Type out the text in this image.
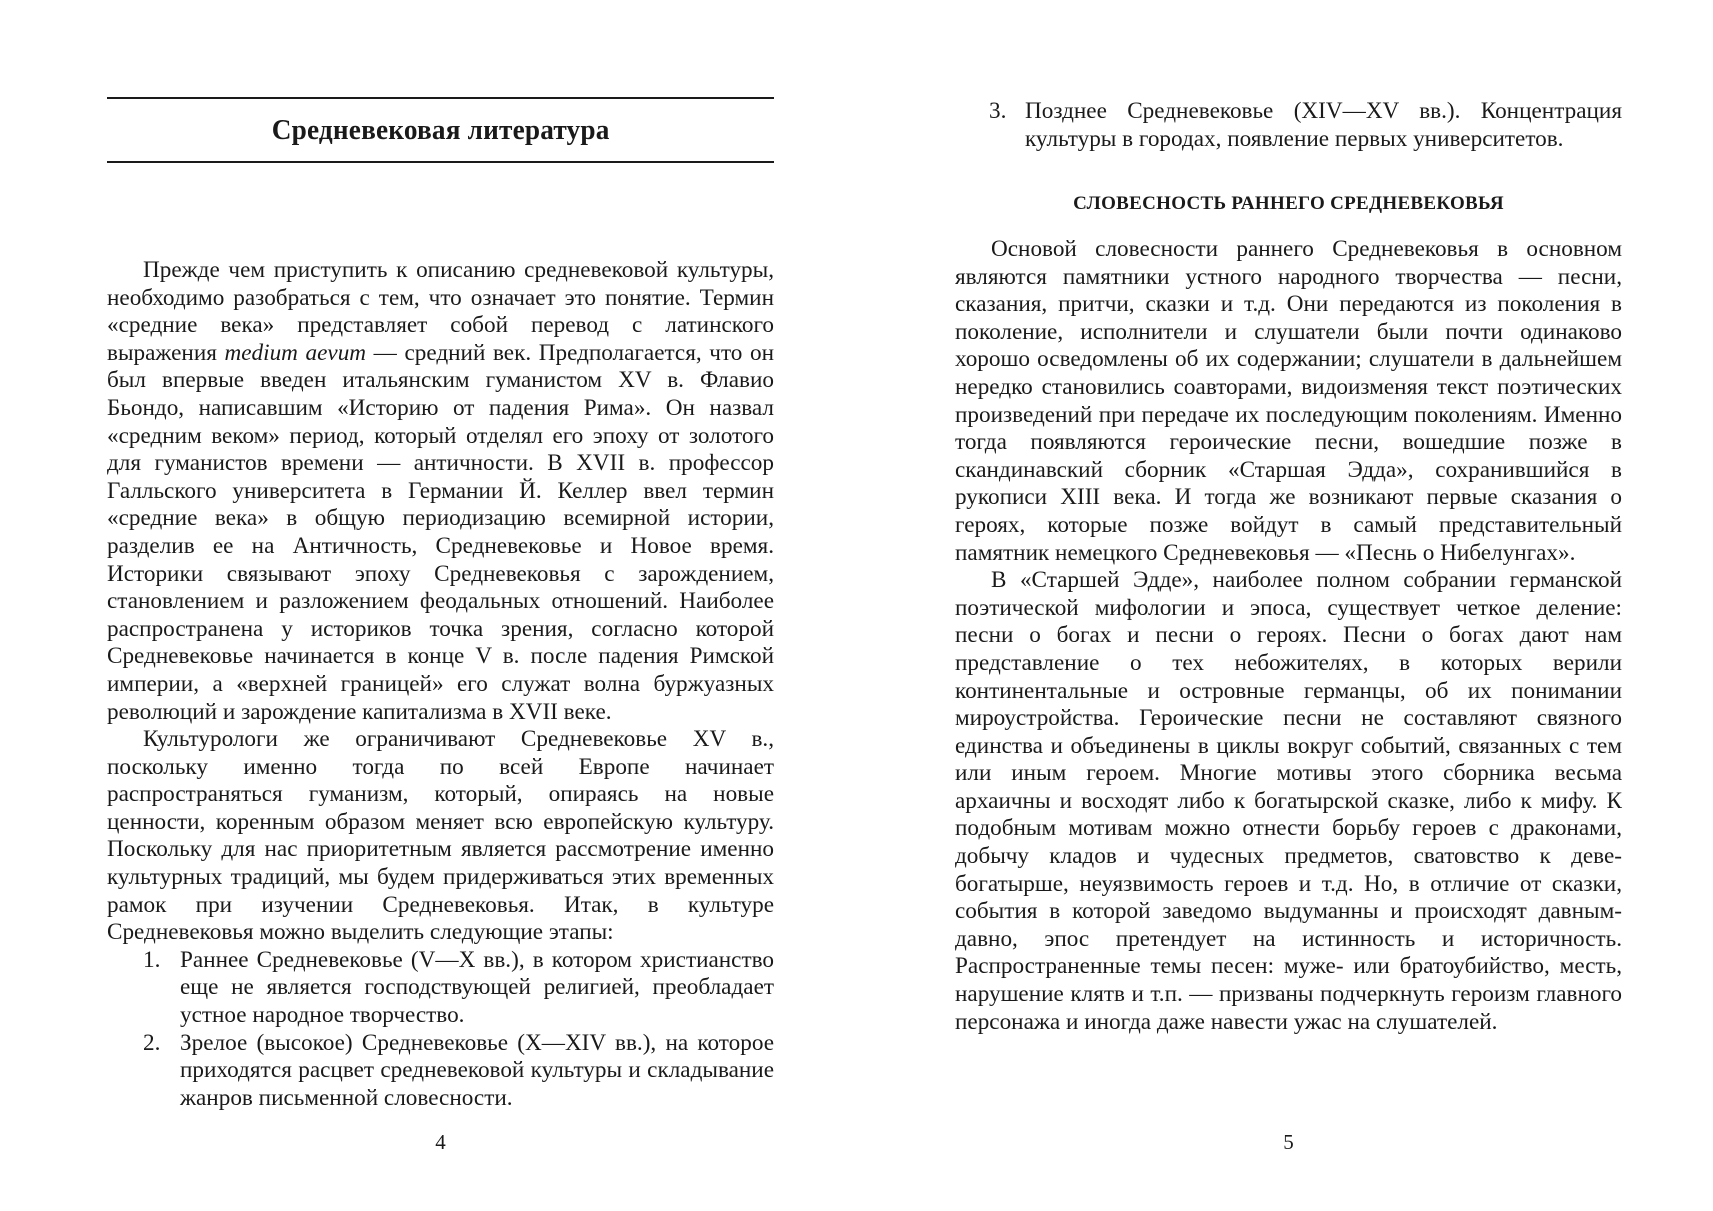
Средневековая литература

Прежде чем приступить к описанию средневековой культуры, необходимо разобраться с тем, что означает это понятие. Термин «средние века» представляет собой перевод с латинского выражения medium aevum — средний век. Предполагается, что он был впервые введен итальянским гуманистом XV в. Флавио Бьондо, написавшим «Историю от падения Рима». Он назвал «средним веком» период, который отделял его эпоху от золотого для гуманистов времени — античности. В XVII в. профессор Галльского университета в Германии Й. Келлер ввел термин «средние века» в общую периодизацию всемирной истории, разделив ее на Античность, Средневековье и Новое время. Историки связывают эпоху Средневековья с зарождением, становлением и разложением феодальных отношений. Наиболее распространена у историков точка зрения, согласно которой Средневековье начинается в конце V в. после падения Римской империи, а «верхней границей» его служат волна буржуазных революций и зарождение капитализма в XVII веке.

Культурологи же ограничивают Средневековье XV в., поскольку именно тогда по всей Европе начинает распространяться гуманизм, который, опираясь на новые ценности, коренным образом меняет всю европейскую культуру. Поскольку для нас приоритетным является рассмотрение именно культурных традиций, мы будем придерживаться этих временных рамок при изучении Средневековья. Итак, в культуре Средневековья можно выделить следующие этапы:

1. Раннее Средневековье (V—X вв.), в котором христианство еще не является господствующей религией, преобладает устное народное творчество.
2. Зрелое (высокое) Средневековье (X—XIV вв.), на которое приходятся расцвет средневековой культуры и складывание жанров письменной словесности.
4
3. Позднее Средневековье (XIV—XV вв.). Концентрация культуры в городах, появление первых университетов.
СЛОВЕСНОСТЬ РАННЕГО СРЕДНЕВЕКОВЬЯ

Основой словесности раннего Средневековья в основном являются памятники устного народного творчества — песни, сказания, притчи, сказки и т.д. Они передаются из поколения в поколение, исполнители и слушатели были почти одинаково хорошо осведомлены об их содержании; слушатели в дальнейшем нередко становились соавторами, видоизменяя текст поэтических произведений при передаче их последующим поколениям. Именно тогда появляются героические песни, вошедшие позже в скандинавский сборник «Старшая Эдда», сохранившийся в рукописи XIII века. И тогда же возникают первые сказания о героях, которые позже войдут в самый представительный памятник немецкого Средневековья — «Песнь о Нибелунгах».

В «Старшей Эдде», наиболее полном собрании германской поэтической мифологии и эпоса, существует четкое деление: песни о богах и песни о героях. Песни о богах дают нам представление о тех небожителях, в которых верили континентальные и островные германцы, об их понимании мироустройства. Героические песни не составляют связного единства и объединены в циклы вокруг событий, связанных с тем или иным героем. Многие мотивы этого сборника весьма архаичны и восходят либо к богатырской сказке, либо к мифу. К подобным мотивам можно отнести борьбу героев с драконами, добычу кладов и чудесных предметов, сватовство к деве-богатырше, неуязвимость героев и т.д. Но, в отличие от сказки, события в которой заведомо выдуманны и происходят давным-давно, эпос претендует на истинность и историчность. Распространенные темы песен: муже- или братоубийство, месть, нарушение клятв и т.п. — призваны подчеркнуть героизм главного персонажа и иногда даже навести ужас на слушателей.

5
